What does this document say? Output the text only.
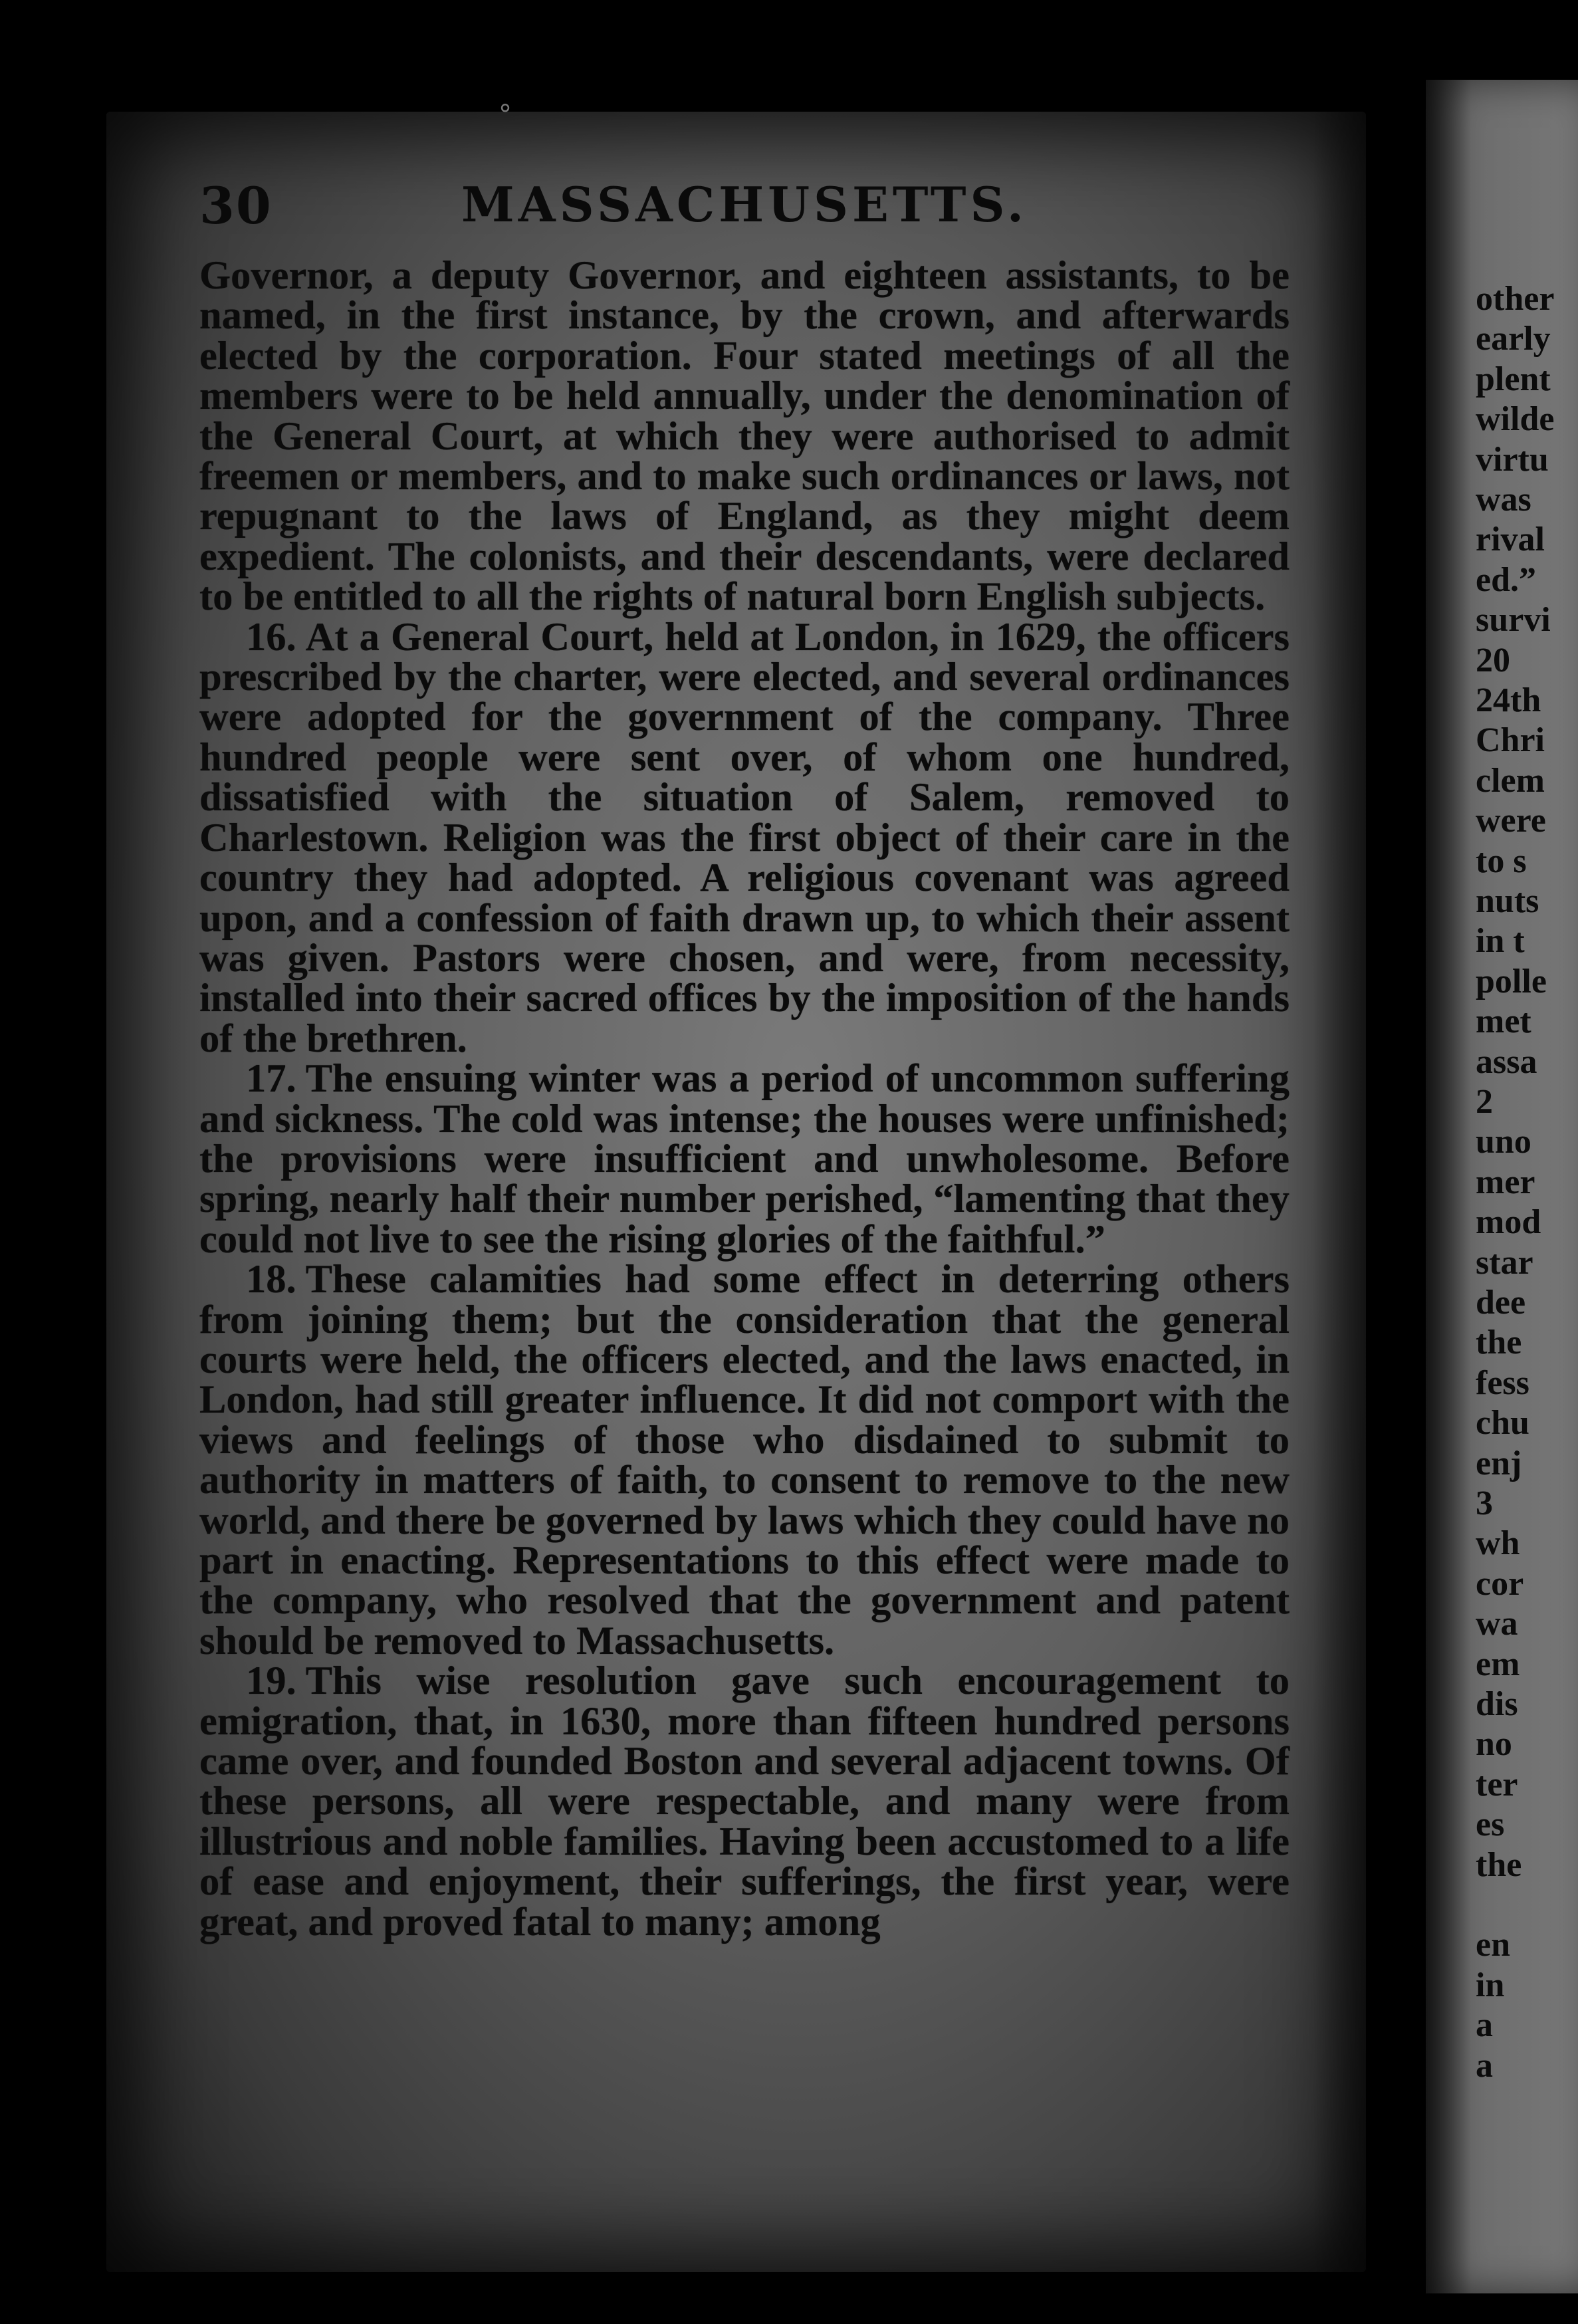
°
30	MASSACHUSETTS.

Governor, a deputy Governor, and eighteen assistants, to be named, in the first instance, by the crown, and afterwards elected by the corporation. Four stated meetings of all the members were to be held annually, under the denomination of the General Court, at which they were authorised to admit freemen or members, and to make such ordinances or laws, not repugnant to the laws of England, as they might deem expedient. The colonists, and their descendants, were declared to be entitled to all the rights of natural born English subjects.

16. At a General Court, held at London, in 1629, the officers prescribed by the charter, were elected, and several ordinances were adopted for the government of the company. Three hundred people were sent over, of whom one hundred, dissatisfied with the situation of Salem, removed to Charlestown. Religion was the first object of their care in the country they had adopted. A religious covenant was agreed upon, and a confession of faith drawn up, to which their assent was given. Pastors were chosen, and were, from necessity, installed into their sacred offices by the imposition of the hands of the brethren.

17. The ensuing winter was a period of uncommon suffering and sickness. The cold was intense; the houses were unfinished; the provisions were insufficient and unwholesome. Before spring, nearly half their number perished, “lamenting that they could not live to see the rising glories of the faithful.”

18. These calamities had some effect in deterring others from joining them; but the consideration that the general courts were held, the officers elected, and the laws enacted, in London, had still greater influence. It did not comport with the views and feelings of those who disdained to submit to authority in matters of faith, to consent to remove to the new world, and there be governed by laws which they could have no part in enacting. Representations to this effect were made to the company, who resolved that the government and patent should be removed to Massachusetts.

19. This wise resolution gave such encouragement to emigration, that, in 1630, more than fifteen hundred persons came over, and founded Boston and several adjacent towns. Of these persons, all were respectable, and many were from illustrious and noble families. Having been accustomed to a life of ease and enjoyment, their sufferings, the first year, were great, and proved fatal to many; among

other
early
plent
wilde
virtu
was
rival
ed.”
survi
20
24th
Chri
clem
were
to s
nuts
in t
polle
met
assa
2
uno
mer
mod
star
dee
the
fess
chu
enj
3
wh
cor
wa
em
dis
no
ter
es
the
en
in
a
a
